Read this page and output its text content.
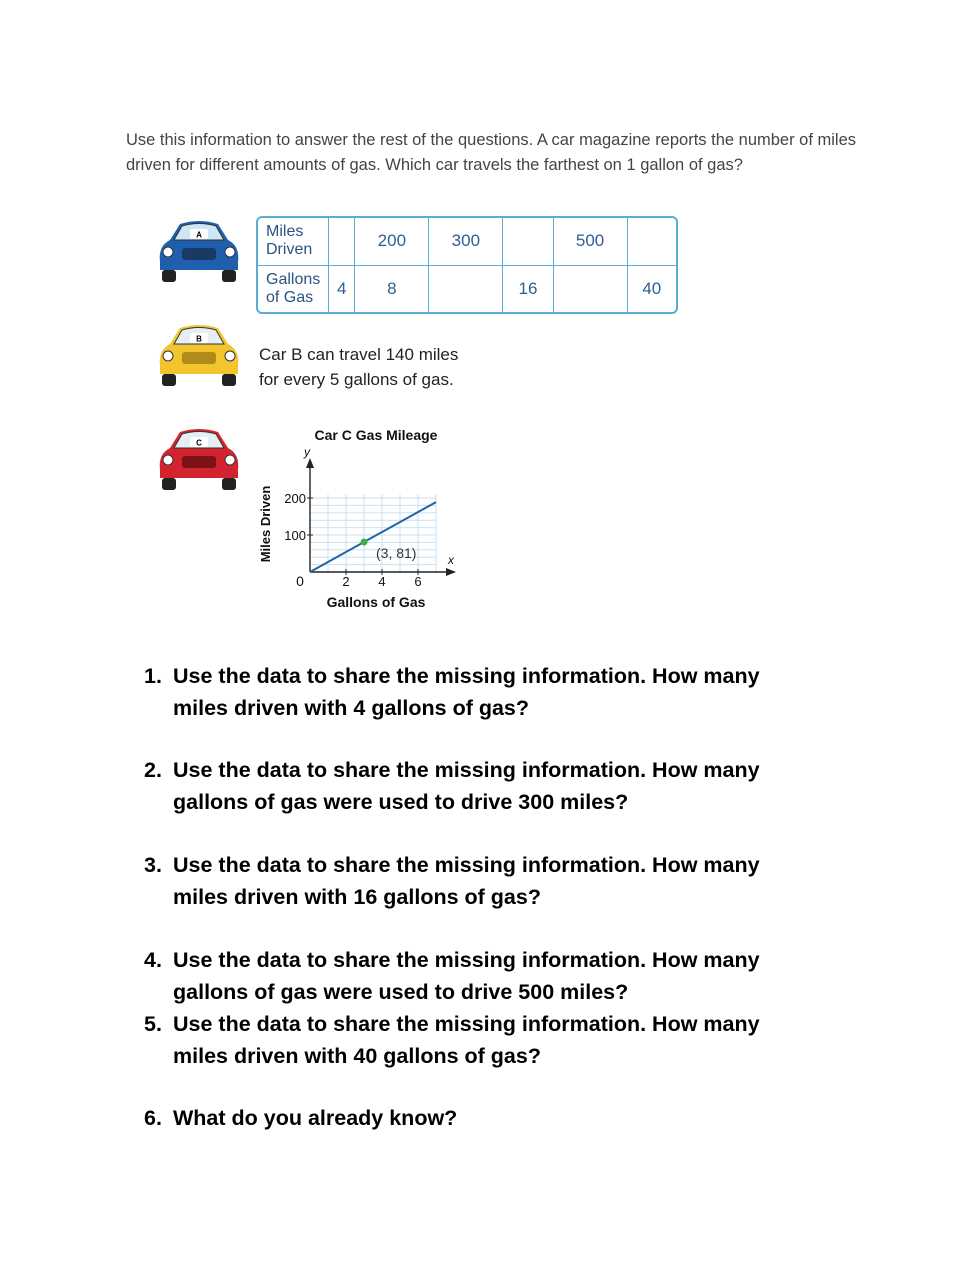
Use this information to answer the rest of the questions. A car magazine reports the number of miles
driven for different amounts of gas. Which car travels the farthest on 1 gallon of gas?
A	Miles
Driven		200	300		500	

Gallons
of Gas	4	8		16		40
B
Car B can travel 140 miles
for every 5 gallons of gas.
C	Car C Gas Mileage
(3, 81)
2 4 6
100
200
0
Miles Driven
Gallons of Gas
y
x
1. Use the data to share the missing information. How many
miles driven with 4 gallons of gas?
2. Use the data to share the missing information. How many
gallons of gas were used to drive 300 miles?
3. Use the data to share the missing information. How many
miles driven with 16 gallons of gas?
4. Use the data to share the missing information. How many
gallons of gas were used to drive 500 miles?
5. Use the data to share the missing information. How many
miles driven with 40 gallons of gas?
6. What do you already know?
